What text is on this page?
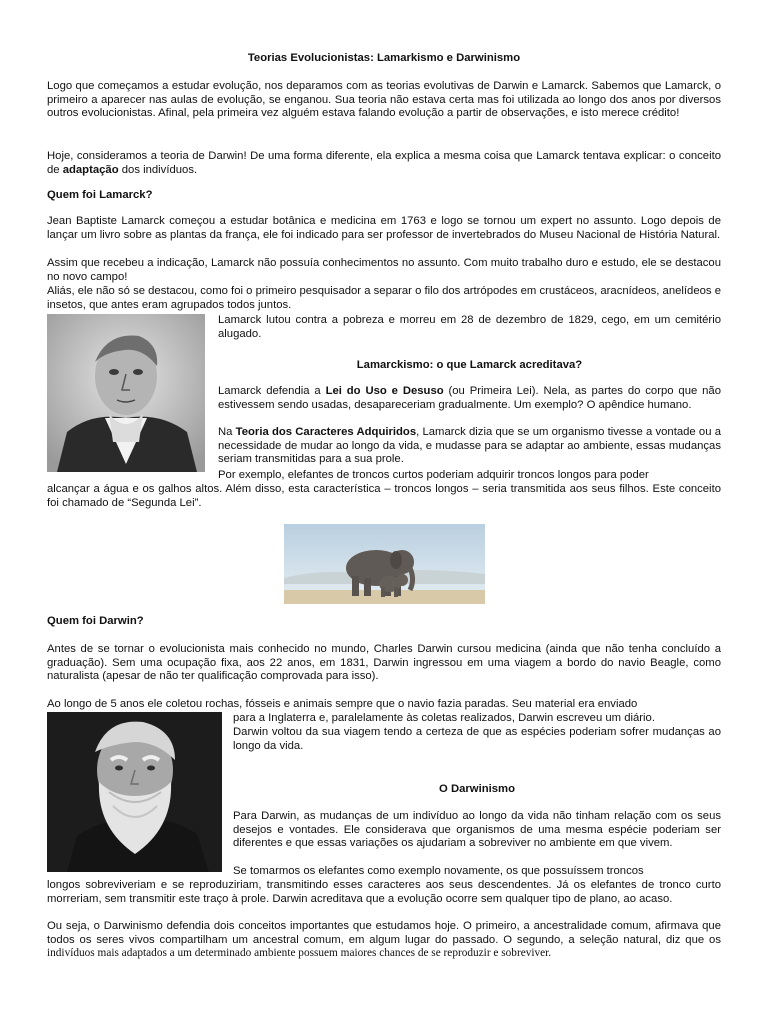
Teorias Evolucionistas: Lamarkismo e Darwinismo

Logo que começamos a estudar evolução, nos deparamos com as teorias evolutivas de Darwin e Lamarck. Sabemos que Lamarck, o primeiro a aparecer nas aulas de evolução, se enganou. Sua teoria não estava certa mas foi utilizada ao longo dos anos por diversos outros evolucionistas. Afinal, pela primeira vez alguém estava falando evolução a partir de observações, e isto merece crédito!

Hoje, consideramos a teoria de Darwin! De uma forma diferente, ela explica a mesma coisa que Lamarck tentava explicar: o conceito de adaptação dos indivíduos.

Quem foi Lamarck?

Jean Baptiste Lamarck começou a estudar botânica e medicina em 1763 e logo se tornou um expert no assunto. Logo depois de lançar um livro sobre as plantas da frança, ele foi indicado para ser professor de invertebrados do Museu Nacional de História Natural.

Assim que recebeu a indicação, Lamarck não possuía conhecimentos no assunto. Com muito trabalho duro e estudo, ele se destacou no novo campo!

Aliás, ele não só se destacou, como foi o primeiro pesquisador a separar o filo dos artrópodes em crustáceos, aracnídeos, anelídeos e insetos, que antes eram agrupados todos juntos.

Lamarck lutou contra a pobreza e morreu em 28 de dezembro de 1829, cego, em um cemitério alugado.

Lamarckismo: o que Lamarck acreditava?

Lamarck defendia a Lei do Uso e Desuso (ou Primeira Lei). Nela, as partes do corpo que não estivessem sendo usadas, desapareceriam gradualmente. Um exemplo? O apêndice humano.

Na Teoria dos Caracteres Adquiridos, Lamarck dizia que se um organismo tivesse a vontade ou a necessidade de mudar ao longo da vida, e mudasse para se adaptar ao ambiente, essas mudanças seriam transmitidas para a sua prole.

Por exemplo, elefantes de troncos curtos poderiam adquirir troncos longos para poder

alcançar a água e os galhos altos. Além disso, esta característica – troncos longos – seria transmitida aos seus filhos. Este conceito foi chamado de “Segunda Lei”.

Quem foi Darwin?

Antes de se tornar o evolucionista mais conhecido no mundo, Charles Darwin cursou medicina (ainda que não tenha concluído a graduação). Sem uma ocupação fixa, aos 22 anos, em 1831, Darwin ingressou em uma viagem a bordo do navio Beagle, como naturalista (apesar de não ter qualificação comprovada para isso).

Ao longo de 5 anos ele coletou rochas, fósseis e animais sempre que o navio fazia paradas. Seu material era enviado

para a Inglaterra e, paralelamente às coletas realizados, Darwin escreveu um diário.

Darwin voltou da sua viagem tendo a certeza de que as espécies poderiam sofrer mudanças ao longo da vida.

O Darwinismo

Para Darwin, as mudanças de um indivíduo ao longo da vida não tinham relação com os seus desejos e vontades. Ele considerava que organismos de uma mesma espécie poderiam ser diferentes e que essas variações os ajudariam a sobreviver no ambiente em que vivem.

Se tomarmos os elefantes como exemplo novamente, os que possuíssem troncos

longos sobreviveriam e se reproduziriam, transmitindo esses caracteres aos seus descendentes. Já os elefantes de tronco curto morreriam, sem transmitir este traço à prole. Darwin acreditava que a evolução ocorre sem qualquer tipo de plano, ao acaso.

Ou seja, o Darwinismo defendia dois conceitos importantes que estudamos hoje. O primeiro, a ancestralidade comum, afirmava que todos os seres vivos compartilham um ancestral comum, em algum lugar do passado. O segundo, a seleção natural, diz que os indivíduos mais adaptados a um determinado ambiente possuem maiores chances de se reproduzir e sobreviver.
